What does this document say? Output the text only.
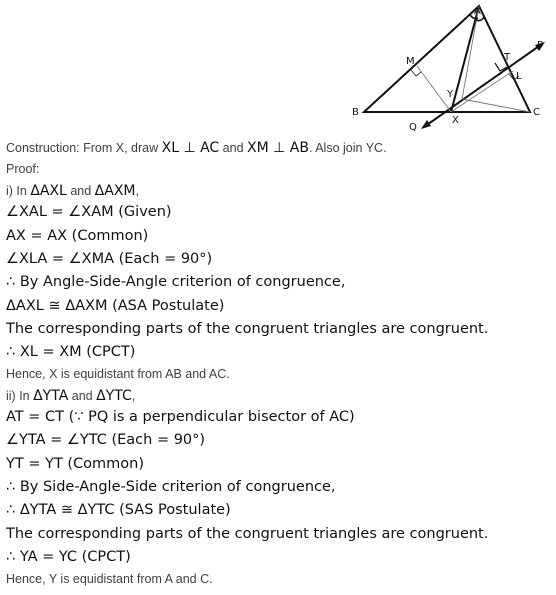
A
B	C
P
Q
M	T
L
Y
X
Construction: From X, draw XL ⊥ AC and XM ⊥ AB. Also join YC.
Proof:
i) In ΔAXL and ΔAXM,
∠XAL = ∠XAM (Given)
AX = AX (Common)
∠XLA = ∠XMA (Each = 90°)
∴ By Angle-Side-Angle criterion of congruence,
ΔAXL ≅ ΔAXM (ASA Postulate)
The corresponding parts of the congruent triangles are congruent.
∴ XL = XM (CPCT)
Hence, X is equidistant from AB and AC.
ii) In ΔYTA and ΔYTC,
AT = CT (∵ PQ is a perpendicular bisector of AC)
∠YTA = ∠YTC (Each = 90°)
YT = YT (Common)
∴ By Side-Angle-Side criterion of congruence,
∴ ΔYTA ≅ ΔYTC (SAS Postulate)
The corresponding parts of the congruent triangles are congruent.
∴ YA = YC (CPCT)
Hence, Y is equidistant from A and C.
